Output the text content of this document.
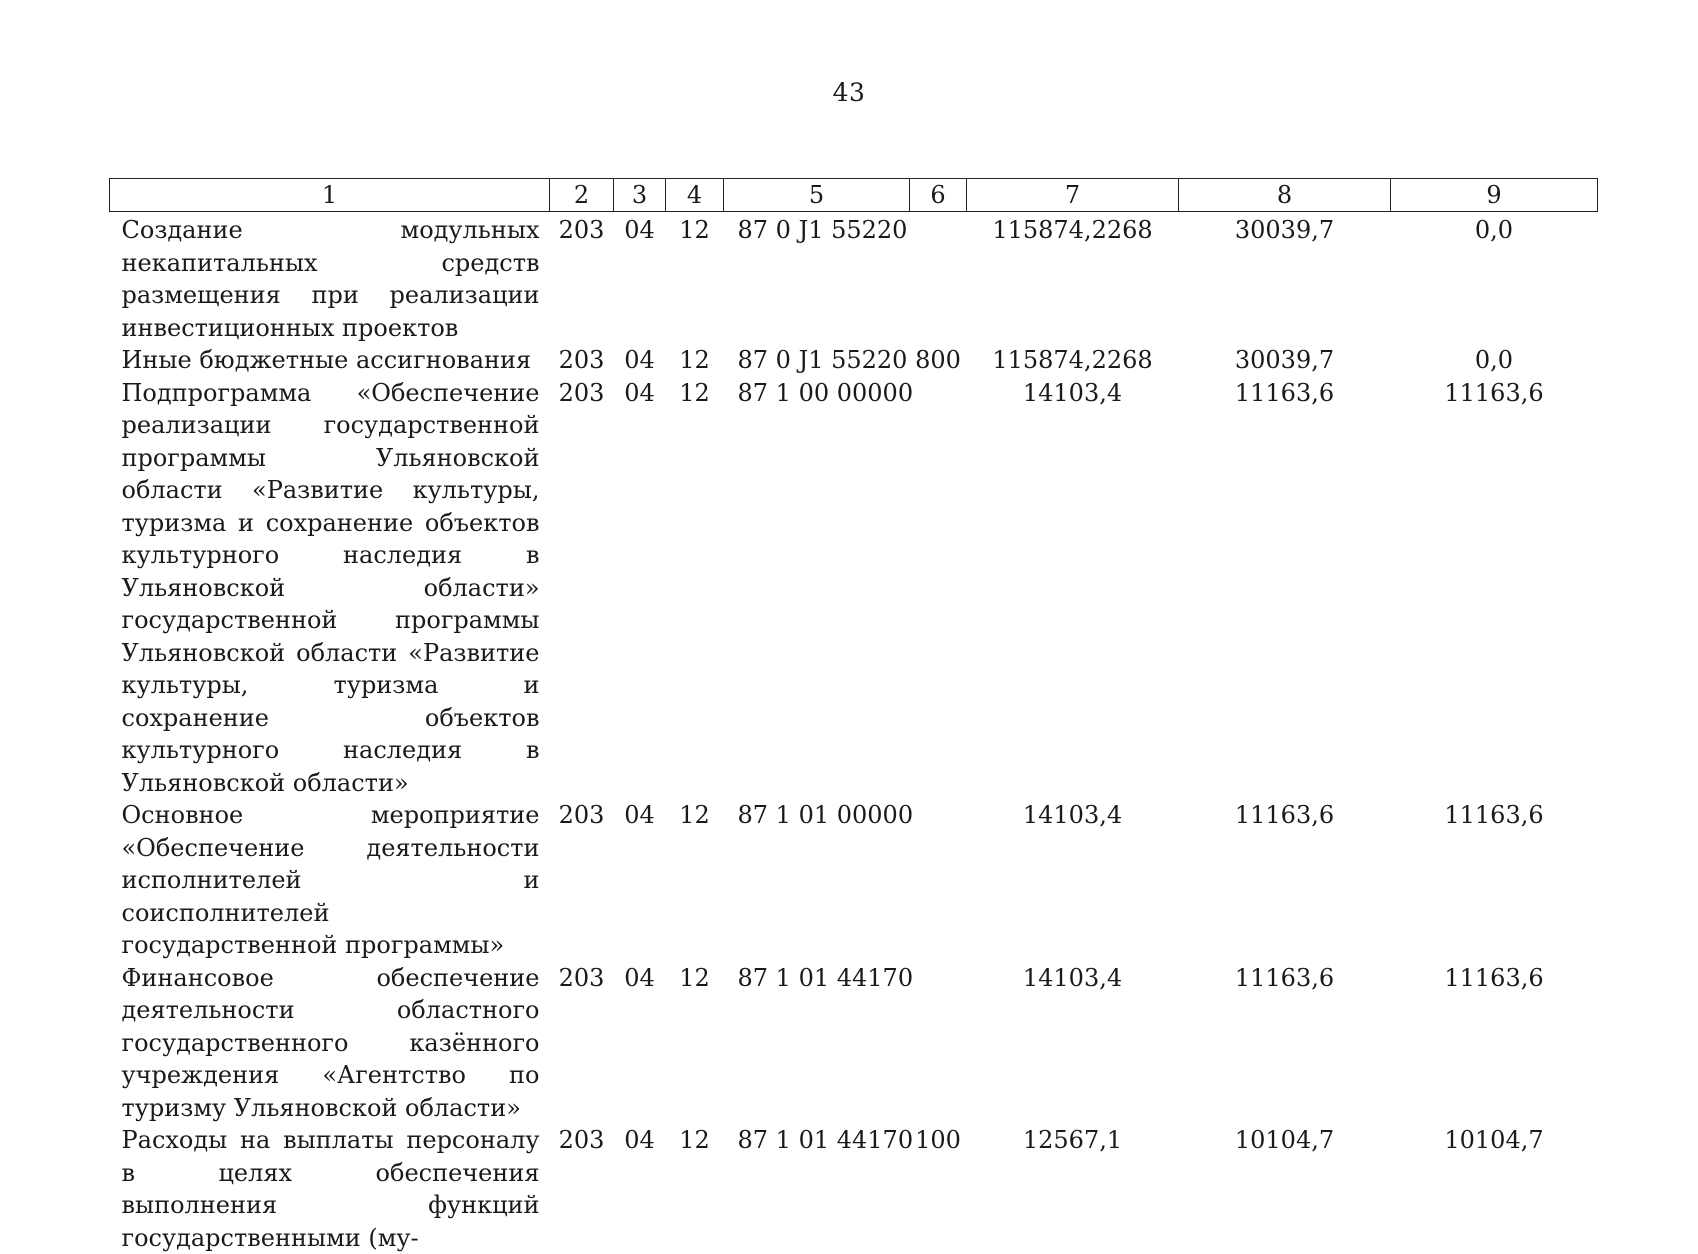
43
1	2	3	4	5	6	7	8	9
Создание модульных некапитальных средств размещения при реализации инвестиционных проектов	203	04	12	87 0 J1 55220		115874,2268	30039,7	0,0
Иные бюджетные ассигнования	203	04	12	87 0 J1 55220	800	115874,2268	30039,7	0,0
Подпрограмма «Обеспечение реализации государственной программы Ульяновской области «Развитие культуры, туризма и сохранение объектов культурного наследия в Ульяновской области» государственной программы Ульяновской области «Развитие культуры, туризма и сохранение объектов культурного наследия в Ульяновской области»	203	04	12	87 1 00 00000		14103,4	11163,6	11163,6
Основное мероприятие «Обеспечение деятельности исполнителей и соисполнителей государственной программы»	203	04	12	87 1 01 00000		14103,4	11163,6	11163,6
Финансовое обеспечение деятельности областного государственного казённого учреждения «Агентство по туризму Ульяновской области»	203	04	12	87 1 01 44170		14103,4	11163,6	11163,6
Расходы на выплаты персоналу в целях обеспечения выполнения функций государственными (му-	203	04	12	87 1 01 44170	100	12567,1	10104,7	10104,7
